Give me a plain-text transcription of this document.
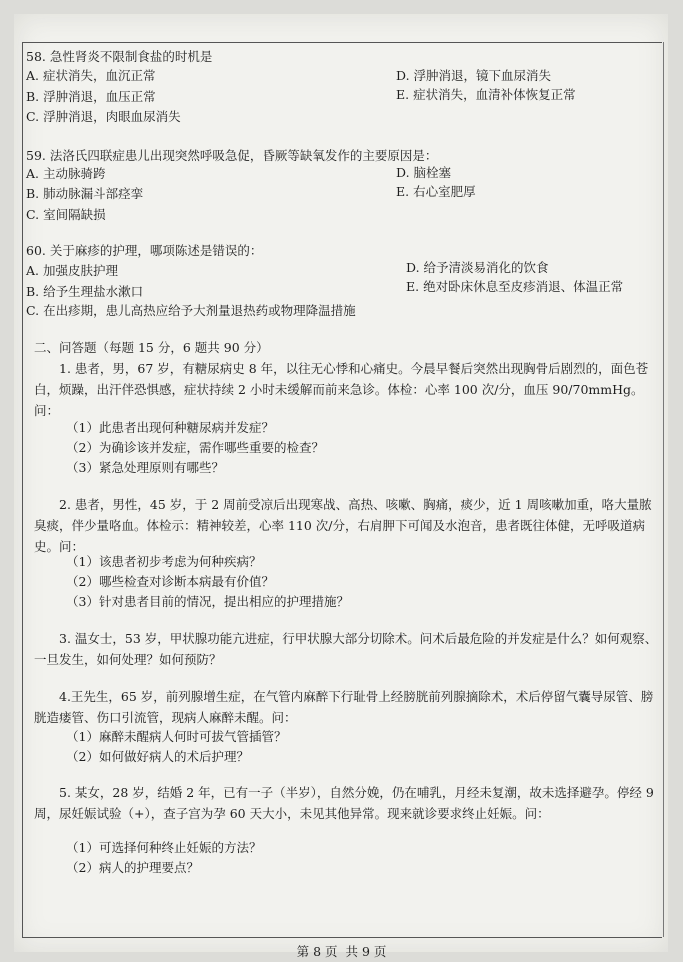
58. 急性肾炎不限制食盐的时机是
A. 症状消失，血沉正常
B. 浮肿消退，血压正常
C. 浮肿消退，肉眼血尿消失
D. 浮肿消退，镜下血尿消失
E. 症状消失，血清补体恢复正常
59. 法洛氏四联症患儿出现突然呼吸急促，昏厥等缺氧发作的主要原因是：
A. 主动脉骑跨
B. 肺动脉漏斗部痉挛
C. 室间隔缺损
D. 脑栓塞
E. 右心室肥厚
60. 关于麻疹的护理，哪项陈述是错误的：
A. 加强皮肤护理
B. 给予生理盐水漱口
C. 在出疹期，患儿高热应给予大剂量退热药或物理降温措施
D. 给予清淡易消化的饮食
E. 绝对卧床休息至皮疹消退、体温正常
二、问答题（每题 15 分，6 题共 90 分）
1. 患者，男，67 岁，有糖尿病史 8 年，以往无心悸和心痛史。今晨早餐后突然出现胸骨后剧烈的，面色苍白，烦躁，出汗伴恐惧感，症状持续 2 小时未缓解而前来急诊。体检：心率 100 次/分，血压 90/70mmHg。问：
（1）此患者出现何种糖尿病并发症？
（2）为确诊该并发症，需作哪些重要的检查？
（3）紧急处理原则有哪些？
2. 患者，男性，45 岁，于 2 周前受凉后出现寒战、高热、咳嗽、胸痛，痰少，近 1 周咳嗽加重，咯大量脓臭痰，伴少量咯血。体检示：精神较差，心率 110 次/分，右肩胛下可闻及水泡音，患者既往体健，无呼吸道病史。问：
（1）该患者初步考虑为何种疾病？
（2）哪些检查对诊断本病最有价值？
（3）针对患者目前的情况，提出相应的护理措施？
3. 温女士，53 岁，甲状腺功能亢进症，行甲状腺大部分切除术。问术后最危险的并发症是什么？如何观察、一旦发生，如何处理？如何预防？
4.王先生，65 岁，前列腺增生症，在气管内麻醉下行耻骨上经膀胱前列腺摘除术，术后停留气囊导尿管、膀胱造瘘管、伤口引流管，现病人麻醉未醒。问：
（1）麻醉未醒病人何时可拔气管插管？
（2）如何做好病人的术后护理？
5. 某女，28 岁，结婚 2 年，已有一子（半岁），自然分娩，仍在哺乳，月经未复潮，故未选择避孕。停经 9 周，尿妊娠试验（+），查子宫为孕 60 天大小，未见其他异常。现来就诊要求终止妊娠。问：
（1）可选择何种终止妊娠的方法？
（2）病人的护理要点？
第 8 页 共 9 页
